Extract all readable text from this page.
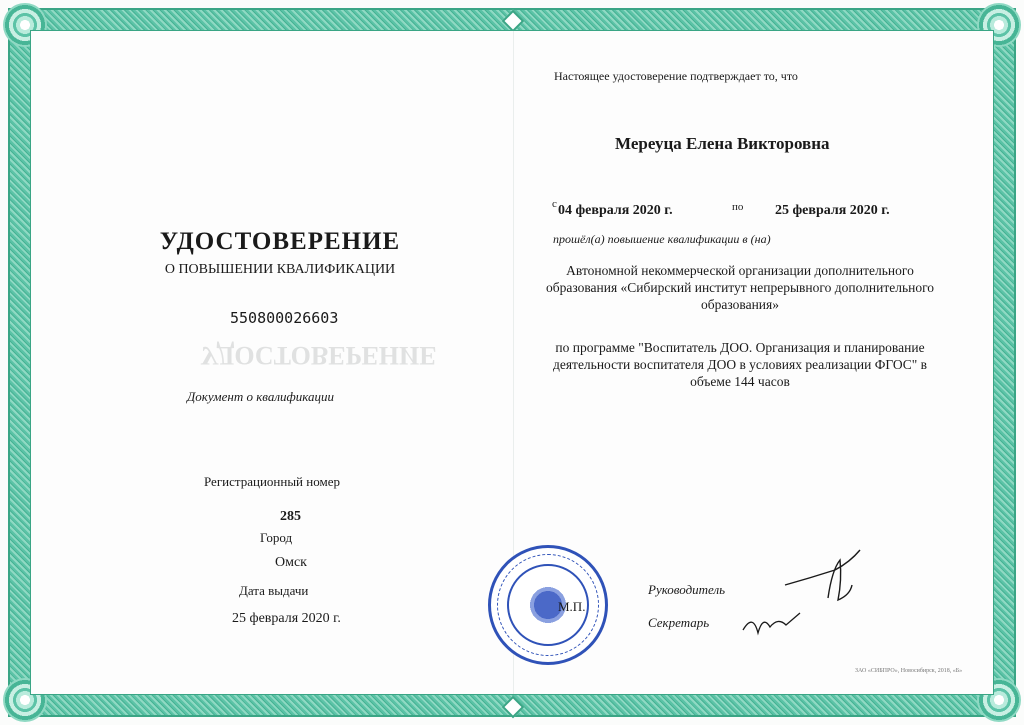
УДОСТОВЕРЕНИЕ
УДОСТОВЕРЕНИЕ
О ПОВЫШЕНИИ КВАЛИФИКАЦИИ
550800026603
Документ о квалификации
Регистрационный номер
285
Город
Омск
Дата выдачи
25 февраля 2020 г.
Настоящее удостоверение подтверждает то, что
Мереуца Елена Викторовна
с 04 февраля 2020 г.	по 25 февраля 2020 г.
прошёл(а) повышение квалификации в (на)
Автономной некоммерческой организации дополнительного
образования «Сибирский институт непрерывного дополнительного
образования»
по программе "Воспитатель ДОО. Организация и планирование
деятельности воспитателя ДОО в условиях реализации ФГОС" в
объеме 144 часов
М.П.
Руководитель
Секретарь
ЗАО «СИБПРО», Новосибирск, 2018, «Б»
